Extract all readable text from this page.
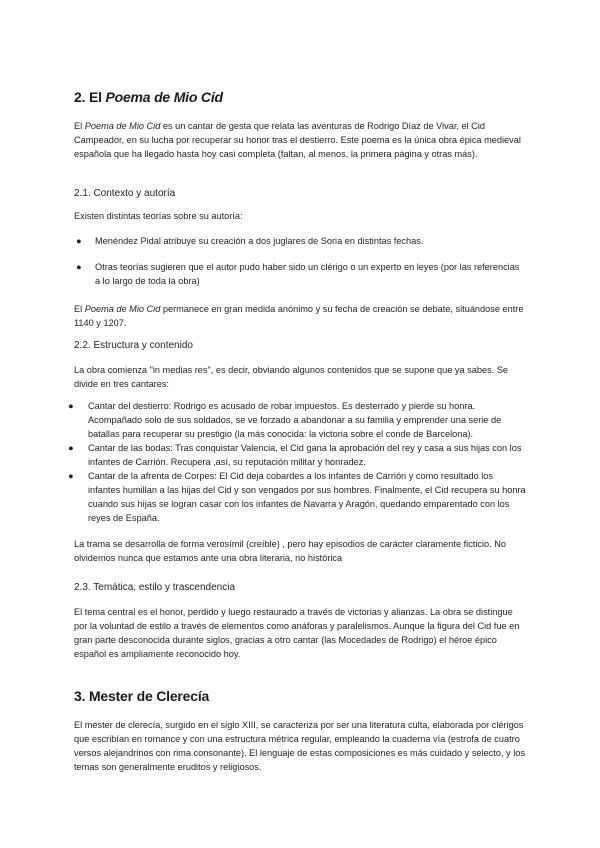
2. El Poema de Mio Cid

El Poema de Mio Cid es un cantar de gesta que relata las aventuras de Rodrigo Díaz de Vivar, el Cid Campeador, en su lucha por recuperar su honor tras el destierro. Este poema es la única obra épica medieval española que ha llegado hasta hoy casi completa (faltan, al menos, la primera página y otras más).

2.1. Contexto y autoría

Existen distintas teorías sobre su autoría:

● Menéndez Pidal atribuye su creación a dos juglares de Soria en distintas fechas.
● Otras teorías sugieren que el autor pudo haber sido un clérigo o un experto en leyes (por las referencias a lo largo de toda la obra)

El Poema de Mio Cid permanece en gran medida anónimo y su fecha de creación se debate, situándose entre 1140 y 1207.

2.2. Estructura y contenido

La obra comienza "in medias res", es decir, obviando algunos contenidos que se supone que ya sabes. Se divide en tres cantares:

● Cantar del destierro: Rodrigo es acusado de robar impuestos. Es desterrado y pierde su honra. Acompañado solo de sus soldados, se ve forzado a abandonar a su familia y emprender una serie de batallas para recuperar su prestigio (la más conocida: la victoria sobre el conde de Barcelona).
● Cantar de las bodas: Tras conquistar Valencia, el Cid gana la aprobación del rey y casa a sus hijas con los infantes de Carrión. Recupera ,así, su reputación militar y honradez.
● Cantar de la afrenta de Corpes: El Cid deja cobardes a los infantes de Carrión y como resultado los infantes humillan a las hijas del Cid y son vengados por sus hombres. Finalmente, el Cid recupera su honra cuando sus hijas se logran casar con los infantes de Navarra y Aragón, quedando emparentado con los reyes de España.

La trama se desarrolla de forma verosímil (creíble) , pero hay episodios de carácter claramente ficticio. No olvidemos nunca que estamos ante una obra literaria, no histórica

2.3. Temática, estilo y trascendencia

El tema central es el honor, perdido y luego restaurado a través de victorias y alianzas. La obra se distingue por la voluntad de estilo a través de elementos como anáforas y paralelismos. Aunque la figura del Cid fue en gran parte desconocida durante siglos, gracias a otro cantar (las Mocedades de Rodrigo) el héroe épico español es ampliamente reconocido hoy.

3. Mester de Clerecía

El mester de clerecía, surgido en el siglo XIII, se caracteriza por ser una literatura culta, elaborada por clérigos que escribían en romance y con una estructura métrica regular, empleando la cuaderna vía (estrofa de cuatro versos alejandrinos con rima consonante). El lenguaje de estas composiciones es más cuidado y selecto, y los temas son generalmente eruditos y religiosos.
